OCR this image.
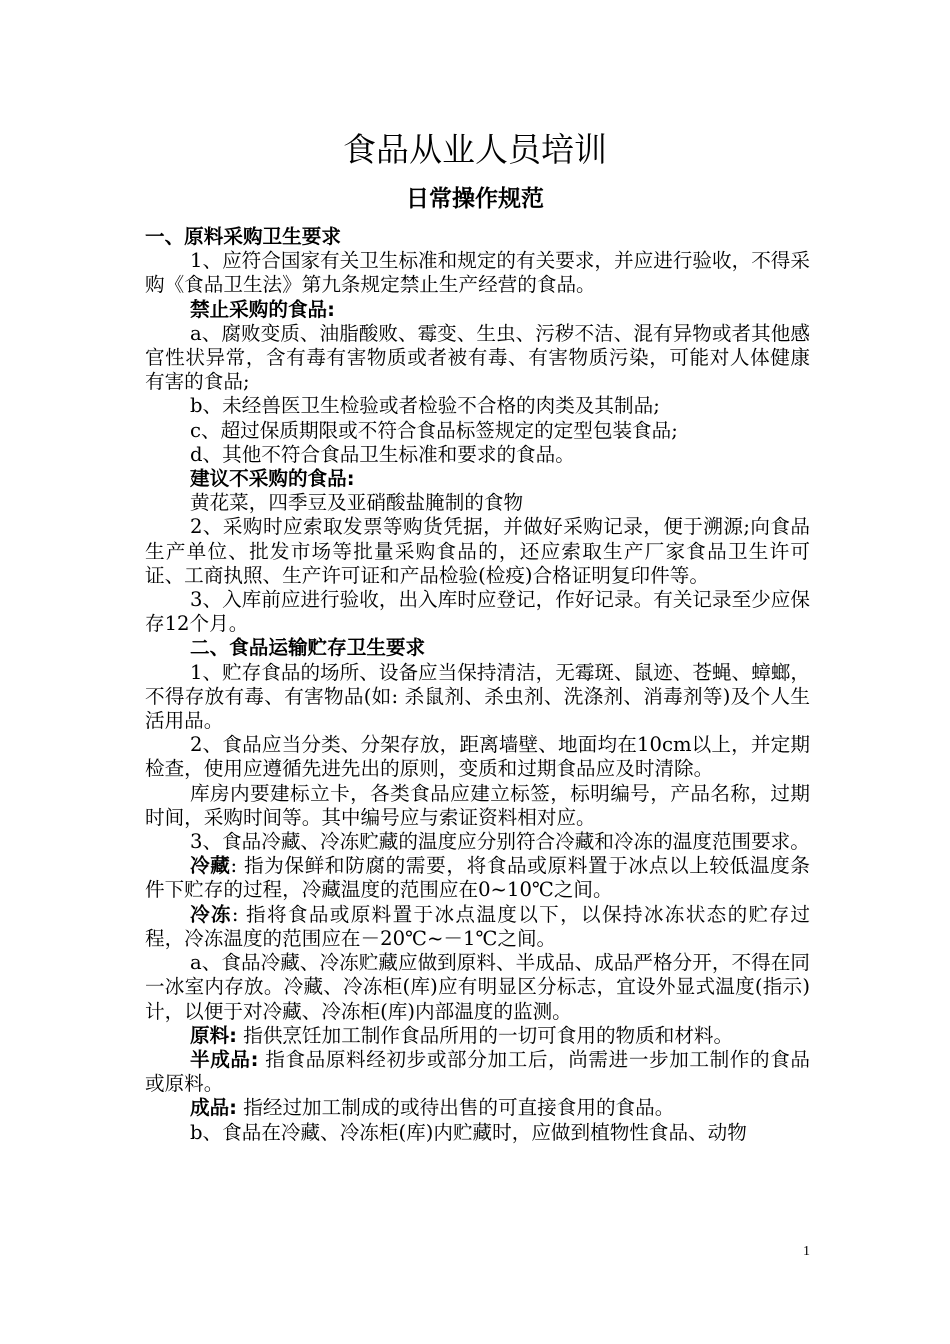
食品从业人员培训
日常操作规范

一、原料采购卫生要求

1、应符合国家有关卫生标准和规定的有关要求，并应进行验收，不得采购《食品卫生法》第九条规定禁止生产经营的食品。

禁止采购的食品:

a、腐败变质、油脂酸败、霉变、生虫、污秽不洁、混有异物或者其他感官性状异常，含有毒有害物质或者被有毒、有害物质污染，可能对人体健康有害的食品;

b、未经兽医卫生检验或者检验不合格的肉类及其制品;

c、超过保质期限或不符合食品标签规定的定型包装食品;

d、其他不符合食品卫生标准和要求的食品。

建议不采购的食品:

黄花菜，四季豆及亚硝酸盐腌制的食物

2、采购时应索取发票等购货凭据，并做好采购记录，便于溯源;向食品生产单位、批发市场等批量采购食品的，还应索取生产厂家食品卫生许可证、工商执照、生产许可证和产品检验(检疫)合格证明复印件等。

3、入库前应进行验收，出入库时应登记，作好记录。有关记录至少应保存12个月。

二、食品运输贮存卫生要求

1、贮存食品的场所、设备应当保持清洁，无霉斑、鼠迹、苍蝇、蟑螂，不得存放有毒、有害物品(如: 杀鼠剂、杀虫剂、洗涤剂、消毒剂等)及个人生活用品。

2、食品应当分类、分架存放，距离墙壁、地面均在10cm以上，并定期检查，使用应遵循先进先出的原则，变质和过期食品应及时清除。

库房内要建标立卡，各类食品应建立标签，标明编号，产品名称，过期时间，采购时间等。其中编号应与索证资料相对应。

3、食品冷藏、冷冻贮藏的温度应分别符合冷藏和冷冻的温度范围要求。

冷藏: 指为保鲜和防腐的需要，将食品或原料置于冰点以上较低温度条件下贮存的过程，冷藏温度的范围应在0~10℃之间。

冷冻: 指将食品或原料置于冰点温度以下，以保持冰冻状态的贮存过程，冷冻温度的范围应在－20℃~－1℃之间。

a、食品冷藏、冷冻贮藏应做到原料、半成品、成品严格分开，不得在同一冰室内存放。冷藏、冷冻柜(库)应有明显区分标志，宜设外显式温度(指示)计，以便于对冷藏、冷冻柜(库)内部温度的监测。

原料: 指供烹饪加工制作食品所用的一切可食用的物质和材料。

半成品: 指食品原料经初步或部分加工后，尚需进一步加工制作的食品或原料。

成品: 指经过加工制成的或待出售的可直接食用的食品。

b、食品在冷藏、冷冻柜(库)内贮藏时，应做到植物性食品、动物

1
